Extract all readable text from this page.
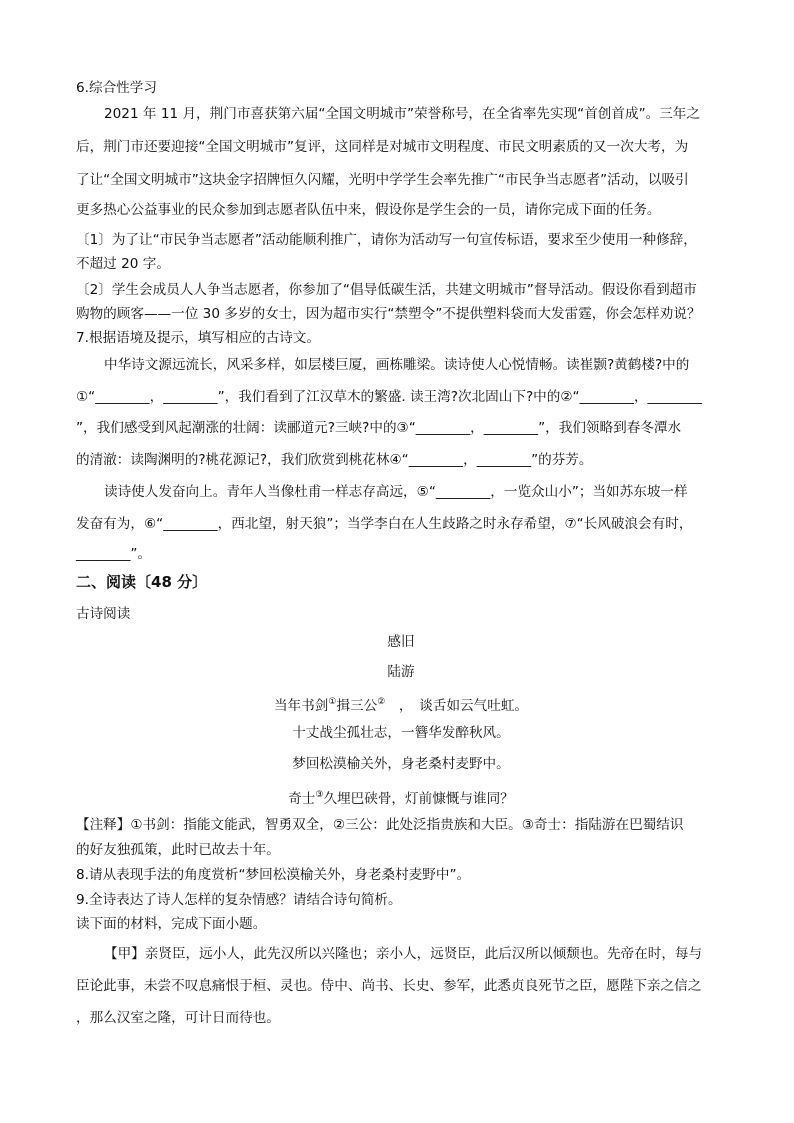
6.综合性学习
2021 年 11 月，荆门市喜获第六届“全国文明城市”荣誉称号，在全省率先实现“首创首成”。三年之
后，荆门市还要迎接“全国文明城市”复评，这同样是对城市文明程度、市民文明素质的又一次大考，为
了让“全国文明城市”这块金字招牌恒久闪耀，光明中学学生会率先推广“市民争当志愿者”活动，以吸引
更多热心公益事业的民众参加到志愿者队伍中来，假设你是学生会的一员，请你完成下面的任务。
〔1〕为了让“市民争当志愿者”活动能顺利推广，请你为活动写一句宣传标语，要求至少使用一种修辞，
不超过 20 字。
〔2〕学生会成员人人争当志愿者，你参加了“倡导低碳生活，共建文明城市”督导活动。假设你看到超市
购物的顾客——一位 30 多岁的女士，因为超市实行“禁塑令”不提供塑料袋而大发雷霆，你会怎样劝说？
7.根据语境及提示，填写相应的古诗文。
中华诗文源远流长，风采多样，如层楼巨厦，画栋雕梁。读诗使人心悦情畅。读崔颢?黄鹤楼?中的
①“________，________”，我们看到了江汉草木的繁盛. 读王湾?次北固山下?中的②“________，________
”，我们感受到风起潮涨的壮阔：读郦道元?三峡?中的③“________，________”，我们领略到春冬潭水
的清澈：读陶渊明的?桃花源记?，我们欣赏到桃花林④“________，________”的芬芳。
读诗使人发奋向上。青年人当像杜甫一样志存高远，⑤“________，一览众山小”；当如苏东坡一样
发奋有为，⑥“________，西北望，射天狼”；当学李白在人生歧路之时永存希望，⑦“长风破浪会有时，
________”。
二、阅读〔48 分〕
古诗阅读
感旧
陆游
当年书剑①揖三公②　，　谈舌如云气吐虹。
十丈战尘孤壮志，一簪华发醉秋风。
梦回松漠榆关外，身老桑村麦野中。
奇士③久埋巴硖骨，灯前慷慨与谁同？
【注释】①书剑：指能文能武，智勇双全，②三公：此处泛指贵族和大臣。③奇士：指陆游在巴蜀结识
的好友独孤策，此时已故去十年。
8.请从表现手法的角度赏析“梦回松漠榆关外，身老桑村麦野中”。
9.全诗表达了诗人怎样的复杂情感？请结合诗句简析。
读下面的材料，完成下面小题。
【甲】亲贤臣，远小人，此先汉所以兴隆也；亲小人，远贤臣，此后汉所以倾颓也。先帝在时，每与
臣论此事，未尝不叹息痛恨于桓、灵也。侍中、尚书、长史、参军，此悉贞良死节之臣，愿陛下亲之信之
，那么汉室之隆，可计日而待也。
